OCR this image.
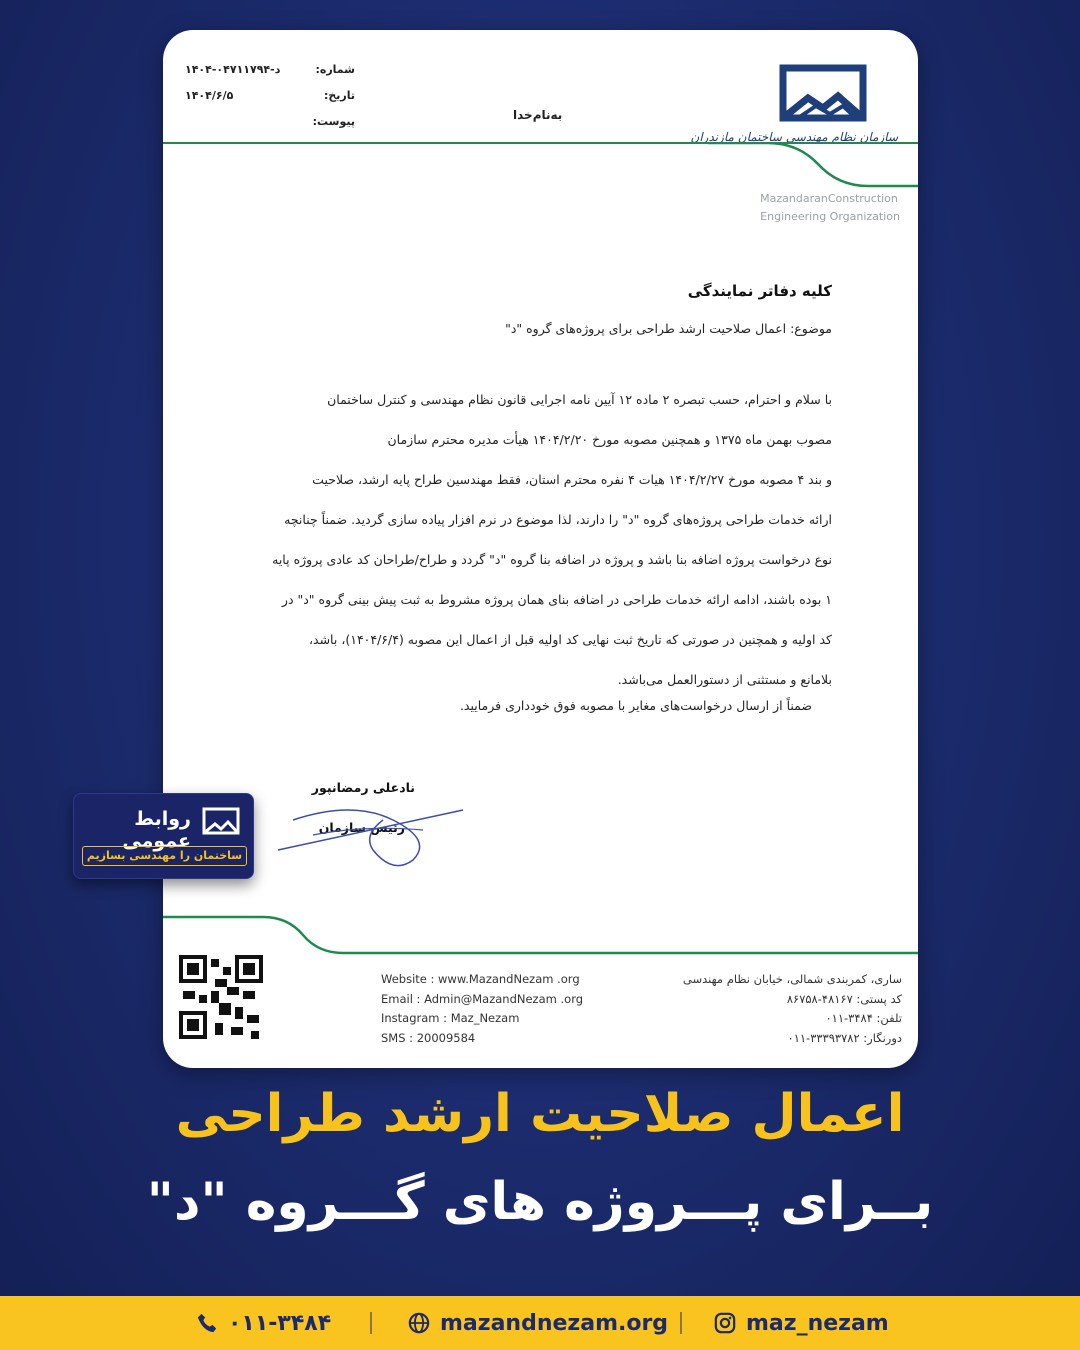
شماره:
۱۴۰۴-۰۴۷د-۱۱۷۹۴
تاریخ:
۱۴۰۴/۶/۵
پیوست:	به‌نام‌خدا
سازمان نظام مهندسی ساختمان مازندران
MazandaranConstruction
Engineering Organization
کلیه دفاتر نمایندگی
موضوع: اعمال صلاحیت ارشد طراحی برای پروژه‌های گروه "د"

با سلام و احترام، حسب تبصره ۲ ماده ۱۲ آیین نامه اجرایی قانون نظام مهندسی و کنترل ساختمان

مصوب بهمن ماه ۱۳۷۵ و همچنین مصوبه مورخ ۱۴۰۴/۲/۲۰ هیأت مدیره محترم سازمان

و بند ۴ مصوبه مورخ ۱۴۰۴/۲/۲۷ هیات ۴ نفره محترم استان، فقط مهندسین طراح پایه ارشد، صلاحیت

ارائه خدمات طراحی پروژه‌های گروه "د" را دارند، لذا موضوع در نرم افزار پیاده سازی گردید. ضمناً چنانچه

نوع درخواست پروژه اضافه بنا باشد و پروژه در اضافه بنا گروه "د" گردد و طراح/طراحان کد عادی پروژه پایه

۱ بوده باشند، ادامه ارائه خدمات طراحی در اضافه بنای همان پروژه مشروط به ثبت پیش بینی گروه "د" در

کد اولیه و همچنین در صورتی که تاریخ ثبت نهایی کد اولیه قبل از اعمال این مصوبه (۱۴۰۴/۶/۴)، باشد،

بلامانع و مستثنی از دستورالعمل می‌باشد.

ضمناً از ارسال درخواست‌های مغایر با مصوبه فوق خودداری فرمایید.
نادعلی رمضانپور
رئیس سازمان
Website : www.MazandNezam .org
Email : Admin@MazandNezam .org
Instagram : Maz_Nezam
SMS : 20009584
ساری، کمربندی شمالی، خیابان نظام مهندسی
کد پستی: ۴۸۱۶۷-۸۶۷۵۸
تلفن: ۳۴۸۴-۰۱۱
دورنگار: ۳۳۳۹۳۷۸۲-۰۱۱
روابط عمومی
ساختمان را مهندسی بسازیم
اعمال صلاحیت ارشد طراحی
بــرای پـــروژه های گـــروه "د"
۰۱۱-۳۴۸۴	mazandnezam.org	maz_nezam
